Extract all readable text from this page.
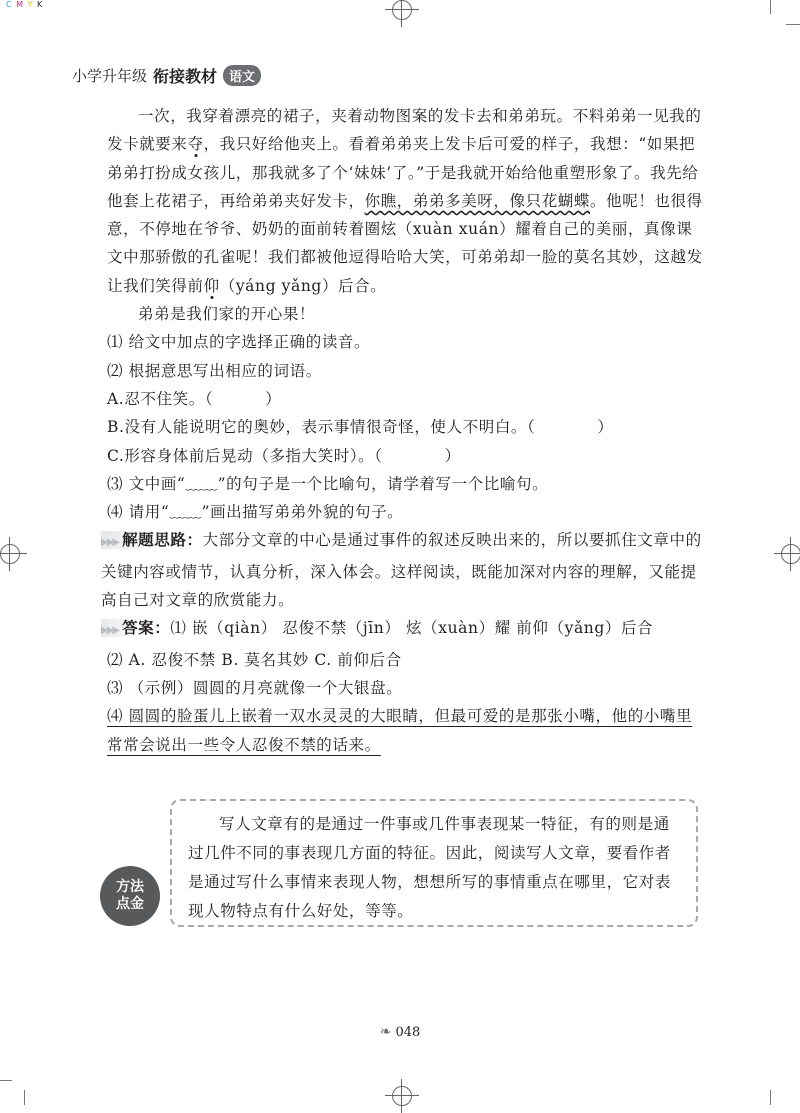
C M Y K
小学升年级 衔接教材 语文

一次，我穿着漂亮的裙子，夹着动物图案的发卡去和弟弟玩。不料弟弟一见我的发卡就要来夺，我只好给他夹上。看着弟弟夹上发卡后可爱的样子，我想：“如果把弟弟打扮成女孩儿，那我就多了个‘妹妹’了。”于是我就开始给他重塑形象了。我先给他套上花裙子，再给弟弟夹好发卡，你瞧，弟弟多美呀，像只花蝴蝶。他呢！也很得意，不停地在爷爷、奶奶的面前转着圈炫（xuàn xuán）耀着自己的美丽，真像课文中那骄傲的孔雀呢！我们都被他逗得哈哈大笑，可弟弟却一脸的莫名其妙，这越发让我们笑得前仰（yáng yǎng）后合。

弟弟是我们家的开心果！

⑴ 给文中加点的字选择正确的读音。

⑵ 根据意思写出相应的词语。

A.忍不住笑。（	）

B.没有人能说明它的奥妙，表示事情很奇怪，使人不明白。（	）

C.形容身体前后晃动（多指大笑时）。（	）

⑶ 文中画“﹏﹏”的句子是一个比喻句，请学着写一个比喻句。

⑷ 请用“﹏﹏”画出描写弟弟外貌的句子。

▶▶▶ 解题思路：大部分文章的中心是通过事件的叙述反映出来的，所以要抓住文章中的关键内容或情节，认真分析，深入体会。这样阅读，既能加深对内容的理解，又能提高自己对文章的欣赏能力。

▶▶▶ 答案：⑴ 嵌（qiàn） 忍俊不禁（jīn） 炫（xuàn）耀 前仰（yǎng）后合

⑵ A. 忍俊不禁 B. 莫名其妙 C. 前仰后合

⑶ （示例）圆圆的月亮就像一个大银盘。

⑷ 圆圆的脸蛋儿上嵌着一双水灵灵的大眼睛，但最可爱的是那张小嘴，他的小嘴里常常会说出一些令人忍俊不禁的话来。

方法
点金

写人文章有的是通过一件事或几件事表现某一特征，有的则是通过几件不同的事表现几方面的特征。因此，阅读写人文章，要看作者是通过写什么事情来表现人物，想想所写的事情重点在哪里，它对表现人物特点有什么好处，等等。

❧ 048
